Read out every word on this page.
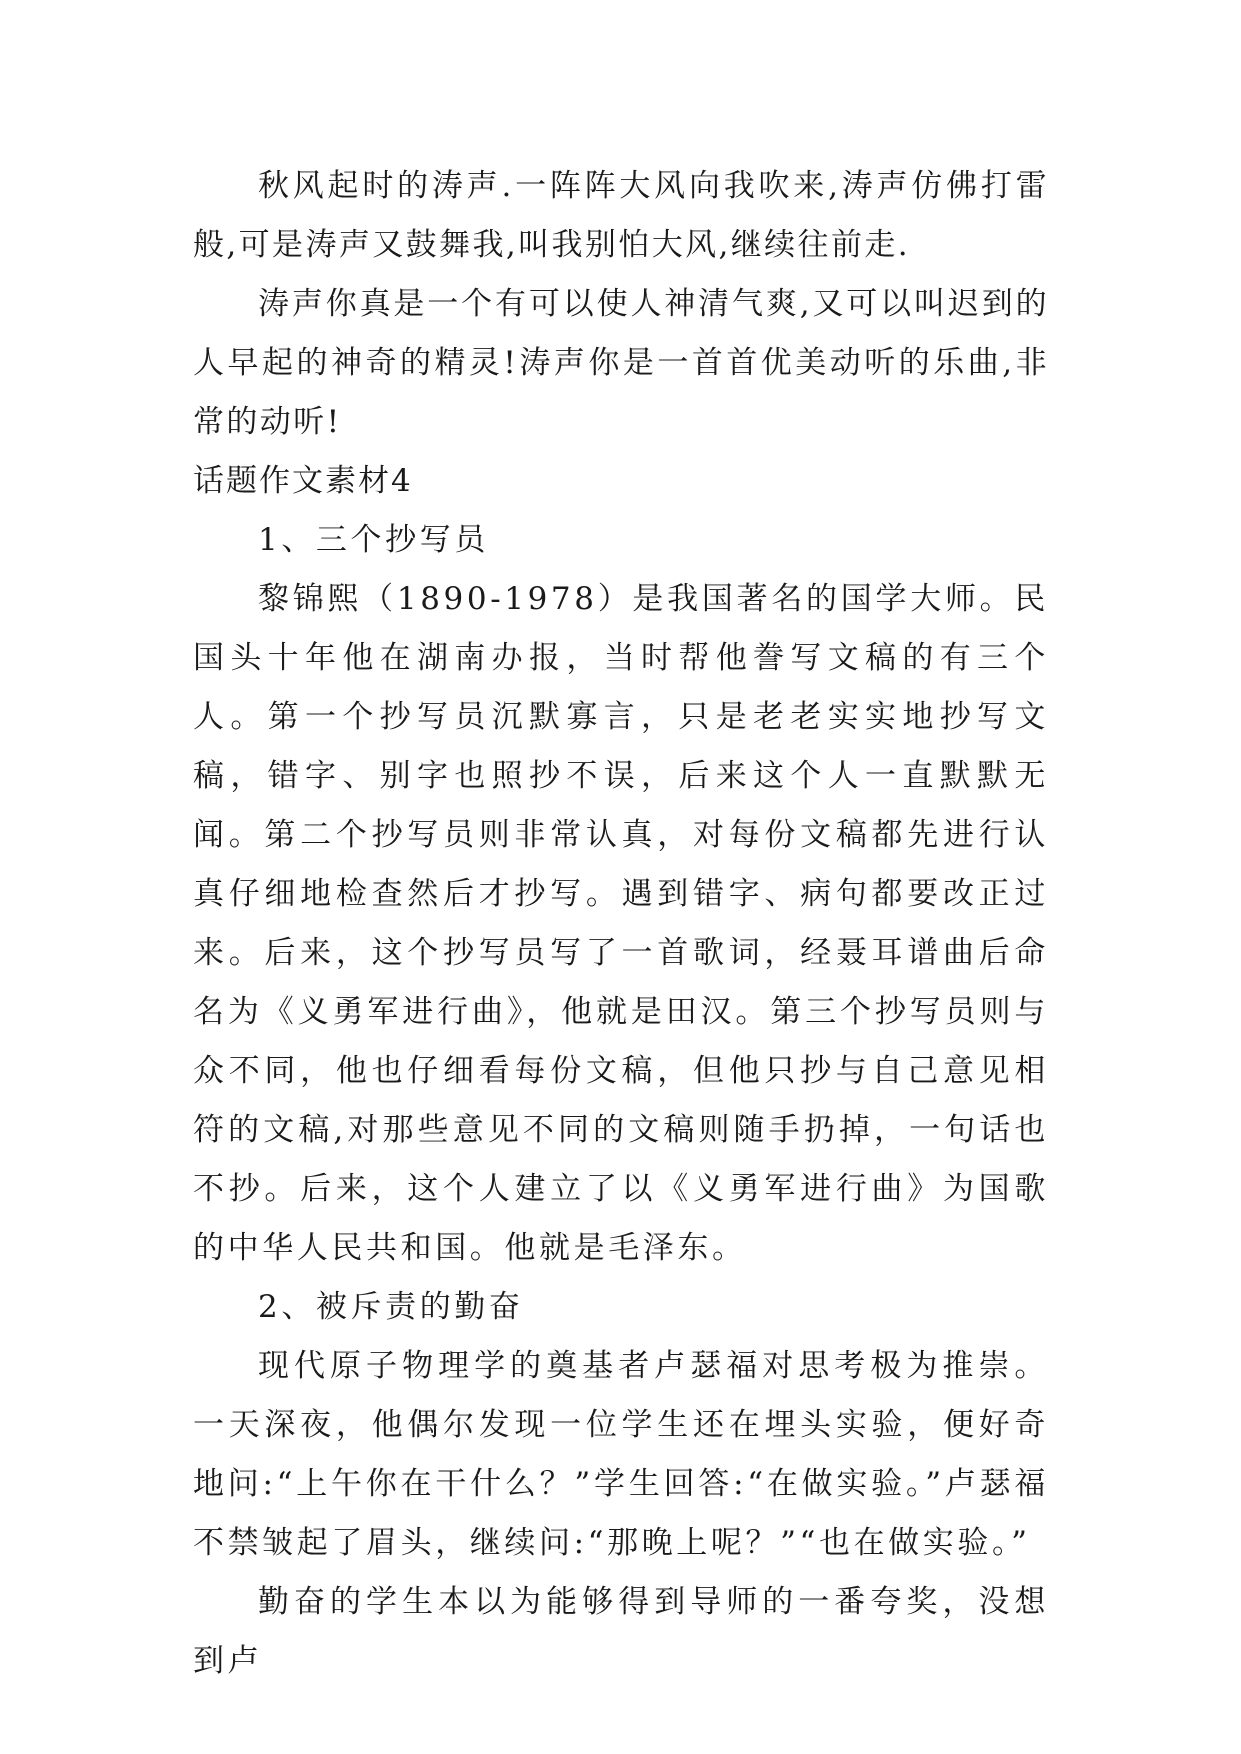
秋风起时的涛声.一阵阵大风向我吹来,涛声仿佛打雷般,可是涛声又鼓舞我,叫我别怕大风,继续往前走.

涛声你真是一个有可以使人神清气爽,又可以叫迟到的人早起的神奇的精灵!涛声你是一首首优美动听的乐曲,非常的动听!

话题作文素材4

1、三个抄写员

黎锦熙（1890-1978）是我国著名的国学大师。民国头十年他在湖南办报，当时帮他誊写文稿的有三个人。第一个抄写员沉默寡言，只是老老实实地抄写文稿，错字、别字也照抄不误，后来这个人一直默默无闻。第二个抄写员则非常认真，对每份文稿都先进行认真仔细地检查然后才抄写。遇到错字、病句都要改正过来。后来，这个抄写员写了一首歌词，经聂耳谱曲后命名为《义勇军进行曲》，他就是田汉。第三个抄写员则与众不同，他也仔细看每份文稿，但他只抄与自己意见相符的文稿,对那些意见不同的文稿则随手扔掉，一句话也不抄。后来，这个人建立了以《义勇军进行曲》为国歌的中华人民共和国。他就是毛泽东。

2、被斥责的勤奋

现代原子物理学的奠基者卢瑟福对思考极为推崇。一天深夜，他偶尔发现一位学生还在埋头实验，便好奇地问:“上午你在干什么？”学生回答:“在做实验。”卢瑟福不禁皱起了眉头，继续问:“那晚上呢？”“也在做实验。”

勤奋的学生本以为能够得到导师的一番夸奖，没想到卢
